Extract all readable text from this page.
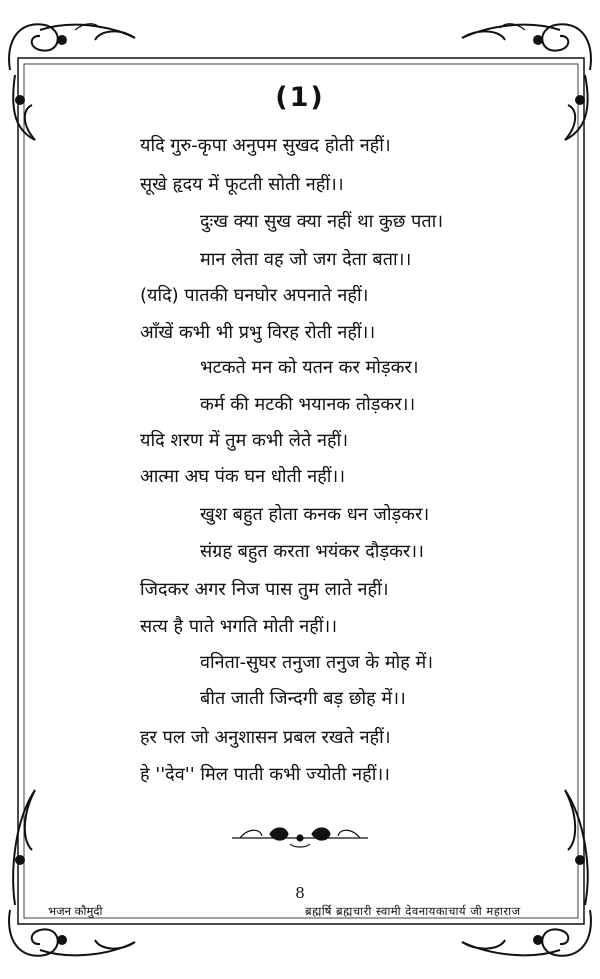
(1)
यदि गुरु-कृपा अनुपम सुखद होती नहीं।
सूखे हृदय में फूटती सोती नहीं।।
दुःख क्या सुख क्या नहीं था कुछ पता।
मान लेता वह जो जग देता बता।।
(यदि) पातकी घनघोर अपनाते नहीं।
आँखें कभी भी प्रभु विरह रोती नहीं।।
भटकते मन को यतन कर मोड़कर।
कर्म की मटकी भयानक तोड़कर।।
यदि शरण में तुम कभी लेते नहीं।
आत्मा अघ पंक घन धोती नहीं।।
खुश बहुत होता कनक धन जोड़कर।
संग्रह बहुत करता भयंकर दौड़कर।।
जिदकर अगर निज पास तुम लाते नहीं।
सत्य है पाते भगति मोती नहीं।।
वनिता-सुघर तनुजा तनुज के मोह में।
बीत जाती जिन्दगी बड़ छोह में।।
हर पल जो अनुशासन प्रबल रखते नहीं।
हे ''देव'' मिल पाती कभी ज्योती नहीं।।
8
भजन कौमुदी	ब्रह्मर्षि ब्रह्मचारी स्वामी देवनायकाचार्य जी महाराज
